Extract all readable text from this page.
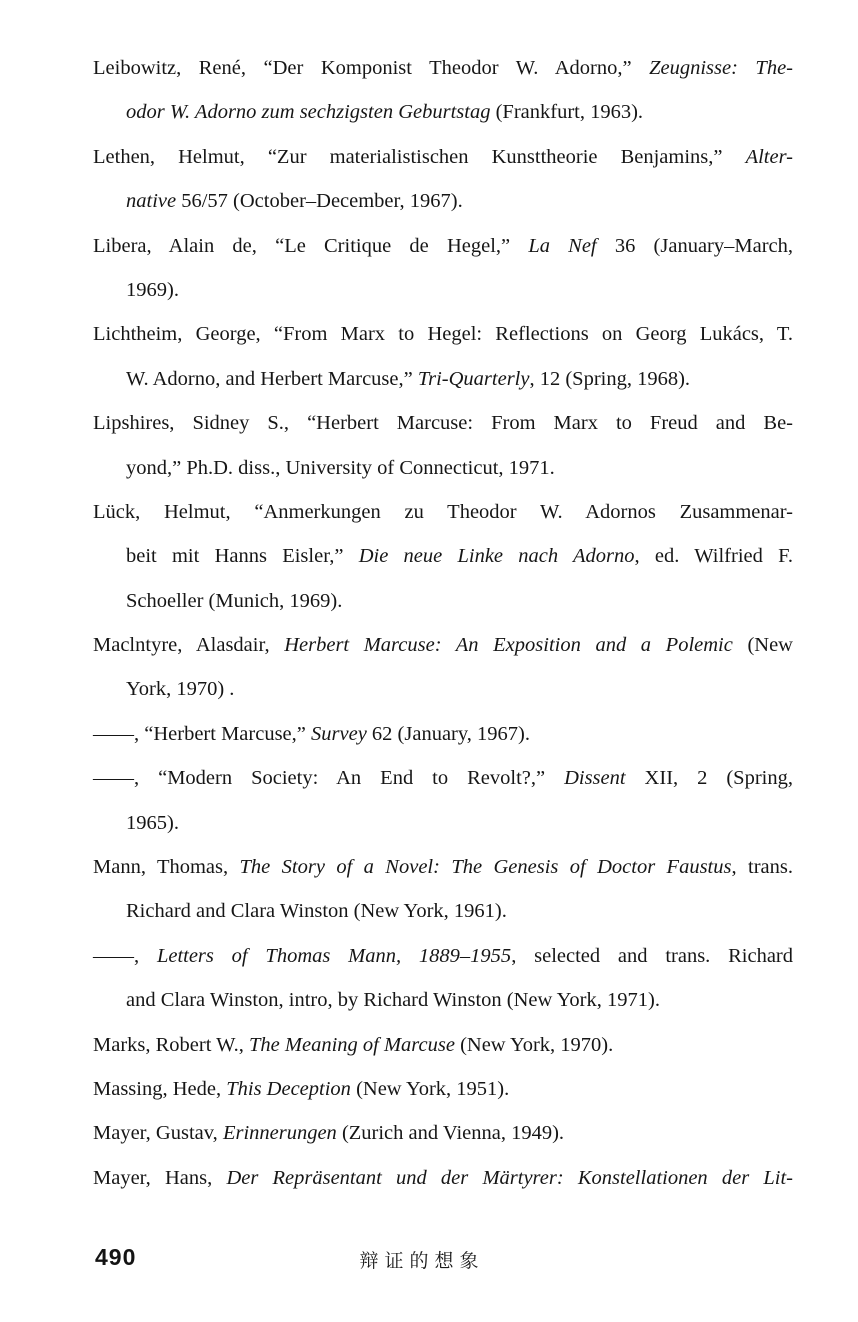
Leibowitz, René, “Der Komponist Theodor W. Adorno,” Zeugnisse: The-
odor W. Adorno zum sechzigsten Geburtstag (Frankfurt, 1963).
Lethen, Helmut, “Zur materialistischen Kunsttheorie Benjamins,” Alter-
native 56/57 (October–December, 1967).
Libera, Alain de, “Le Critique de Hegel,” La Nef 36 (January–March,
1969).
Lichtheim, George, “From Marx to Hegel: Reflections on Georg Lukács, T.
W. Adorno, and Herbert Marcuse,” Tri-Quarterly, 12 (Spring, 1968).
Lipshires, Sidney S., “Herbert Marcuse: From Marx to Freud and Be-
yond,” Ph.D. diss., University of Connecticut, 1971.
Lück, Helmut, “Anmerkungen zu Theodor W. Adornos Zusammenar-
beit mit Hanns Eisler,” Die neue Linke nach Adorno, ed. Wilfried F.
Schoeller (Munich, 1969).
Maclntyre, Alasdair, Herbert Marcuse: An Exposition and a Polemic (New
York, 1970) .
——, “Herbert Marcuse,” Survey 62 (January, 1967).
——, “Modern Society: An End to Revolt?,” Dissent XII, 2 (Spring,
1965).
Mann, Thomas, The Story of a Novel: The Genesis of Doctor Faustus, trans.
Richard and Clara Winston (New York, 1961).
——, Letters of Thomas Mann, 1889–1955, selected and trans. Richard
and Clara Winston, intro, by Richard Winston (New York, 1971).
Marks, Robert W., The Meaning of Marcuse (New York, 1970).
Massing, Hede, This Deception (New York, 1951).
Mayer, Gustav, Erinnerungen (Zurich and Vienna, 1949).
Mayer, Hans, Der Repräsentant und der Märtyrer: Konstellationen der Lit-
490	辩证的想象
